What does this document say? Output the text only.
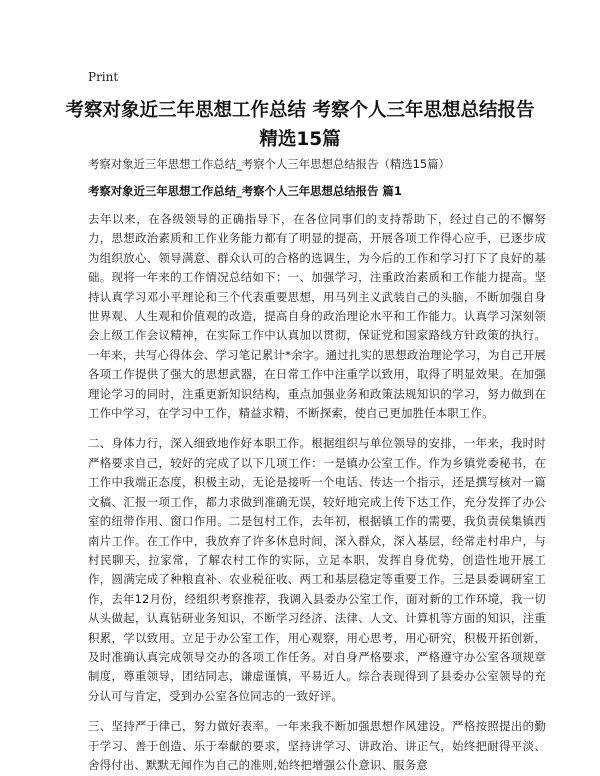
Print
考察对象近三年思想工作总结 考察个人三年思想总结报告 精选15篇
考察对象近三年思想工作总结_考察个人三年思想总结报告（精选15篇）
考察对象近三年思想工作总结_考察个人三年思想总结报告 篇1

去年以来，在各级领导的正确指导下，在各位同事们的支持帮助下，经过自己的不懈努力，思想政治素质和工作业务能力都有了明显的提高，开展各项工作得心应手，已逐步成为组织放心、领导满意、群众认可的合格的选调生，为今后的工作和学习打下了良好的基础。现将一年来的工作情况总结如下：一、加强学习，注重政治素质和工作能力提高。坚持认真学习邓小平理论和三个代表重要思想，用马列主义武装自己的头脑，不断加强自身世界观、人生观和价值观的改造，提高自身的政治理论水平和工作能力。认真学习深刻领会上级工作会议精神，在实际工作中认真加以贯彻，保证党和国家路线方针政策的执行。一年来，共写心得体会、学习笔记累计*余字。通过扎实的思想政治理论学习，为自己开展各项工作提供了强大的思想武器，在日常工作中注重学以致用，取得了明显效果。在加强理论学习的同时，注重更新知识结构，重点加强业务和政策法规知识的学习，努力做到在工作中学习，在学习中工作，精益求精，不断探索，使自己更加胜任本职工作。

二、身体力行，深入细致地作好本职工作。根据组织与单位领导的安排，一年来，我时时严格要求自己，较好的完成了以下几项工作：一是镇办公室工作。作为乡镇党委秘书，在工作中我端正态度，积极主动，无论是接听一个电话、传达一个指示，还是撰写核对一篇文稿、汇报一项工作，都力求做到准确无误，较好地完成上传下达工作，充分发挥了办公室的纽带作用、窗口作用。二是包村工作，去年初，根据镇工作的需要，我负责侯集镇西南片工作。在工作中，我放弃了许多休息时间，深入群众，深入基层，经常走村串户，与村民聊天，拉家常，了解农村工作的实际，立足本职，发挥自身优势，创造性地开展工作，圆满完成了种粮直补、农业税征收、两工和基层稳定等重要工作。三是县委调研室工作，去年12月份，经组织考察推荐，我调入县委办公室工作，面对新的工作环境，我一切从头做起，认真钻研业务知识，不断学习经济、法律、人文、计算机等方面的知识，注重积累，学以致用。立足于办公室工作，用心观察，用心思考，用心研究，积极开拓创新，及时准确认真完成领导交办的各项工作任务。对自身严格要求，严格遵守办公室各项规章制度，尊重领导，团结同志，谦虚谨慎，平易近人。综合表现得到了县委办公室领导的充分认可与肯定，受到办公室各位同志的一致好评。

三、坚持严于律己，努力做好表率。一年来我不断加强思想作风建设。严格按照提出的勤于学习、善于创造、乐于奉献的要求，坚持讲学习、讲政治、讲正气，始终把耐得平淡、舍得付出、默默无闻作为自己的准则,始终把增强公仆意识、服务意
